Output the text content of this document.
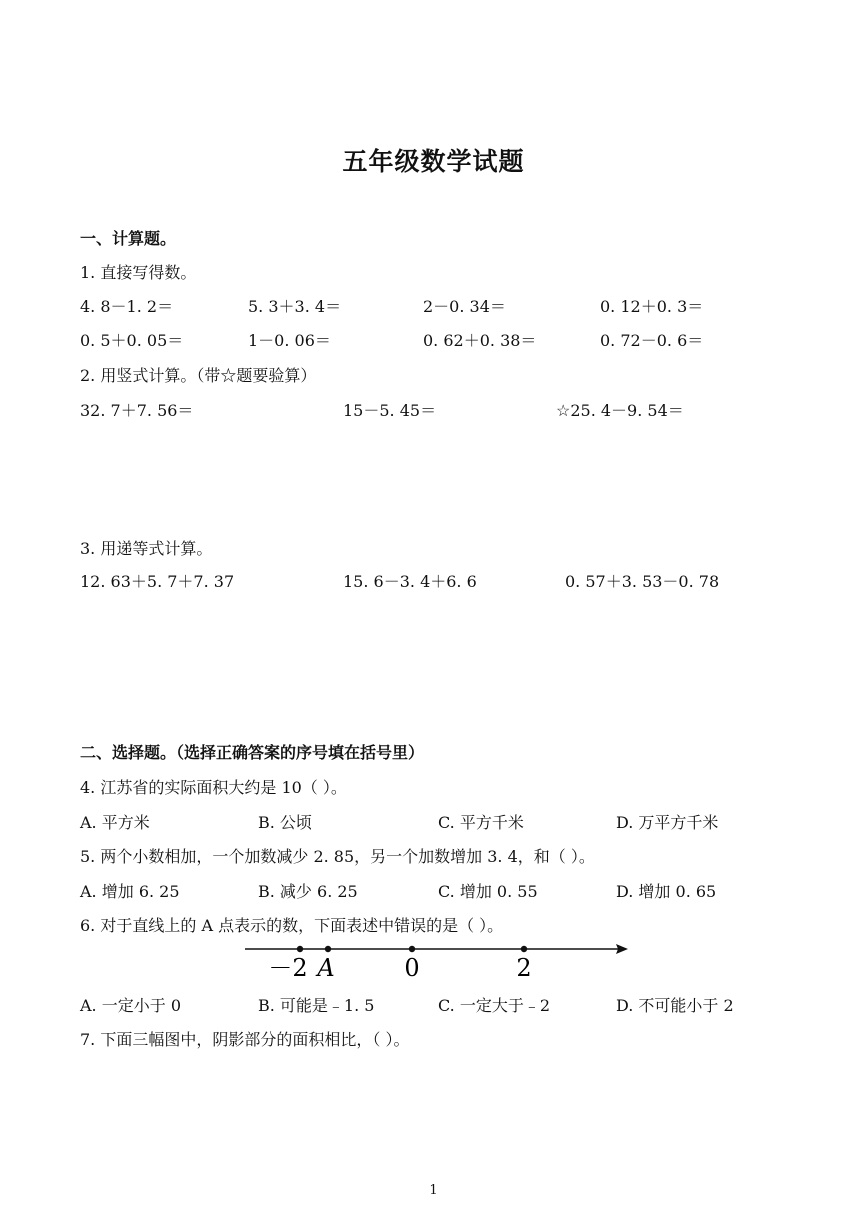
五年级数学试题
一、计算题。
1. 直接写得数。
4. 8－1. 2＝	5. 3＋3. 4＝	2－0. 34＝	0. 12＋0. 3＝
0. 5＋0. 05＝	1－0. 06＝	0. 62＋0. 38＝	0. 72－0. 6＝
2. 用竖式计算。（带☆题要验算）
32. 7＋7. 56＝	15－5. 45＝	☆25. 4－9. 54＝
3. 用递等式计算。
12. 63＋5. 7＋7. 37	15. 6－3. 4＋6. 6	0. 57＋3. 53－0. 78
二、选择题。（选择正确答案的序号填在括号里）
4. 江苏省的实际面积大约是 10（ ）。
A. 平方米	B. 公顷	C. 平方千米	D. 万平方千米
5. 两个小数相加，一个加数减少 2. 85，另一个加数增加 3. 4，和（ ）。
A. 增加 6. 25	B. 减少 6. 25	C. 增加 0. 55	D. 增加 0. 65
6. 对于直线上的 A 点表示的数，下面表述中错误的是（ ）。
－2 A	0	2
A. 一定小于 0	B. 可能是﹣1. 5	C. 一定大于﹣2	D. 不可能小于 2
7. 下面三幅图中，阴影部分的面积相比，（ ）。
1
